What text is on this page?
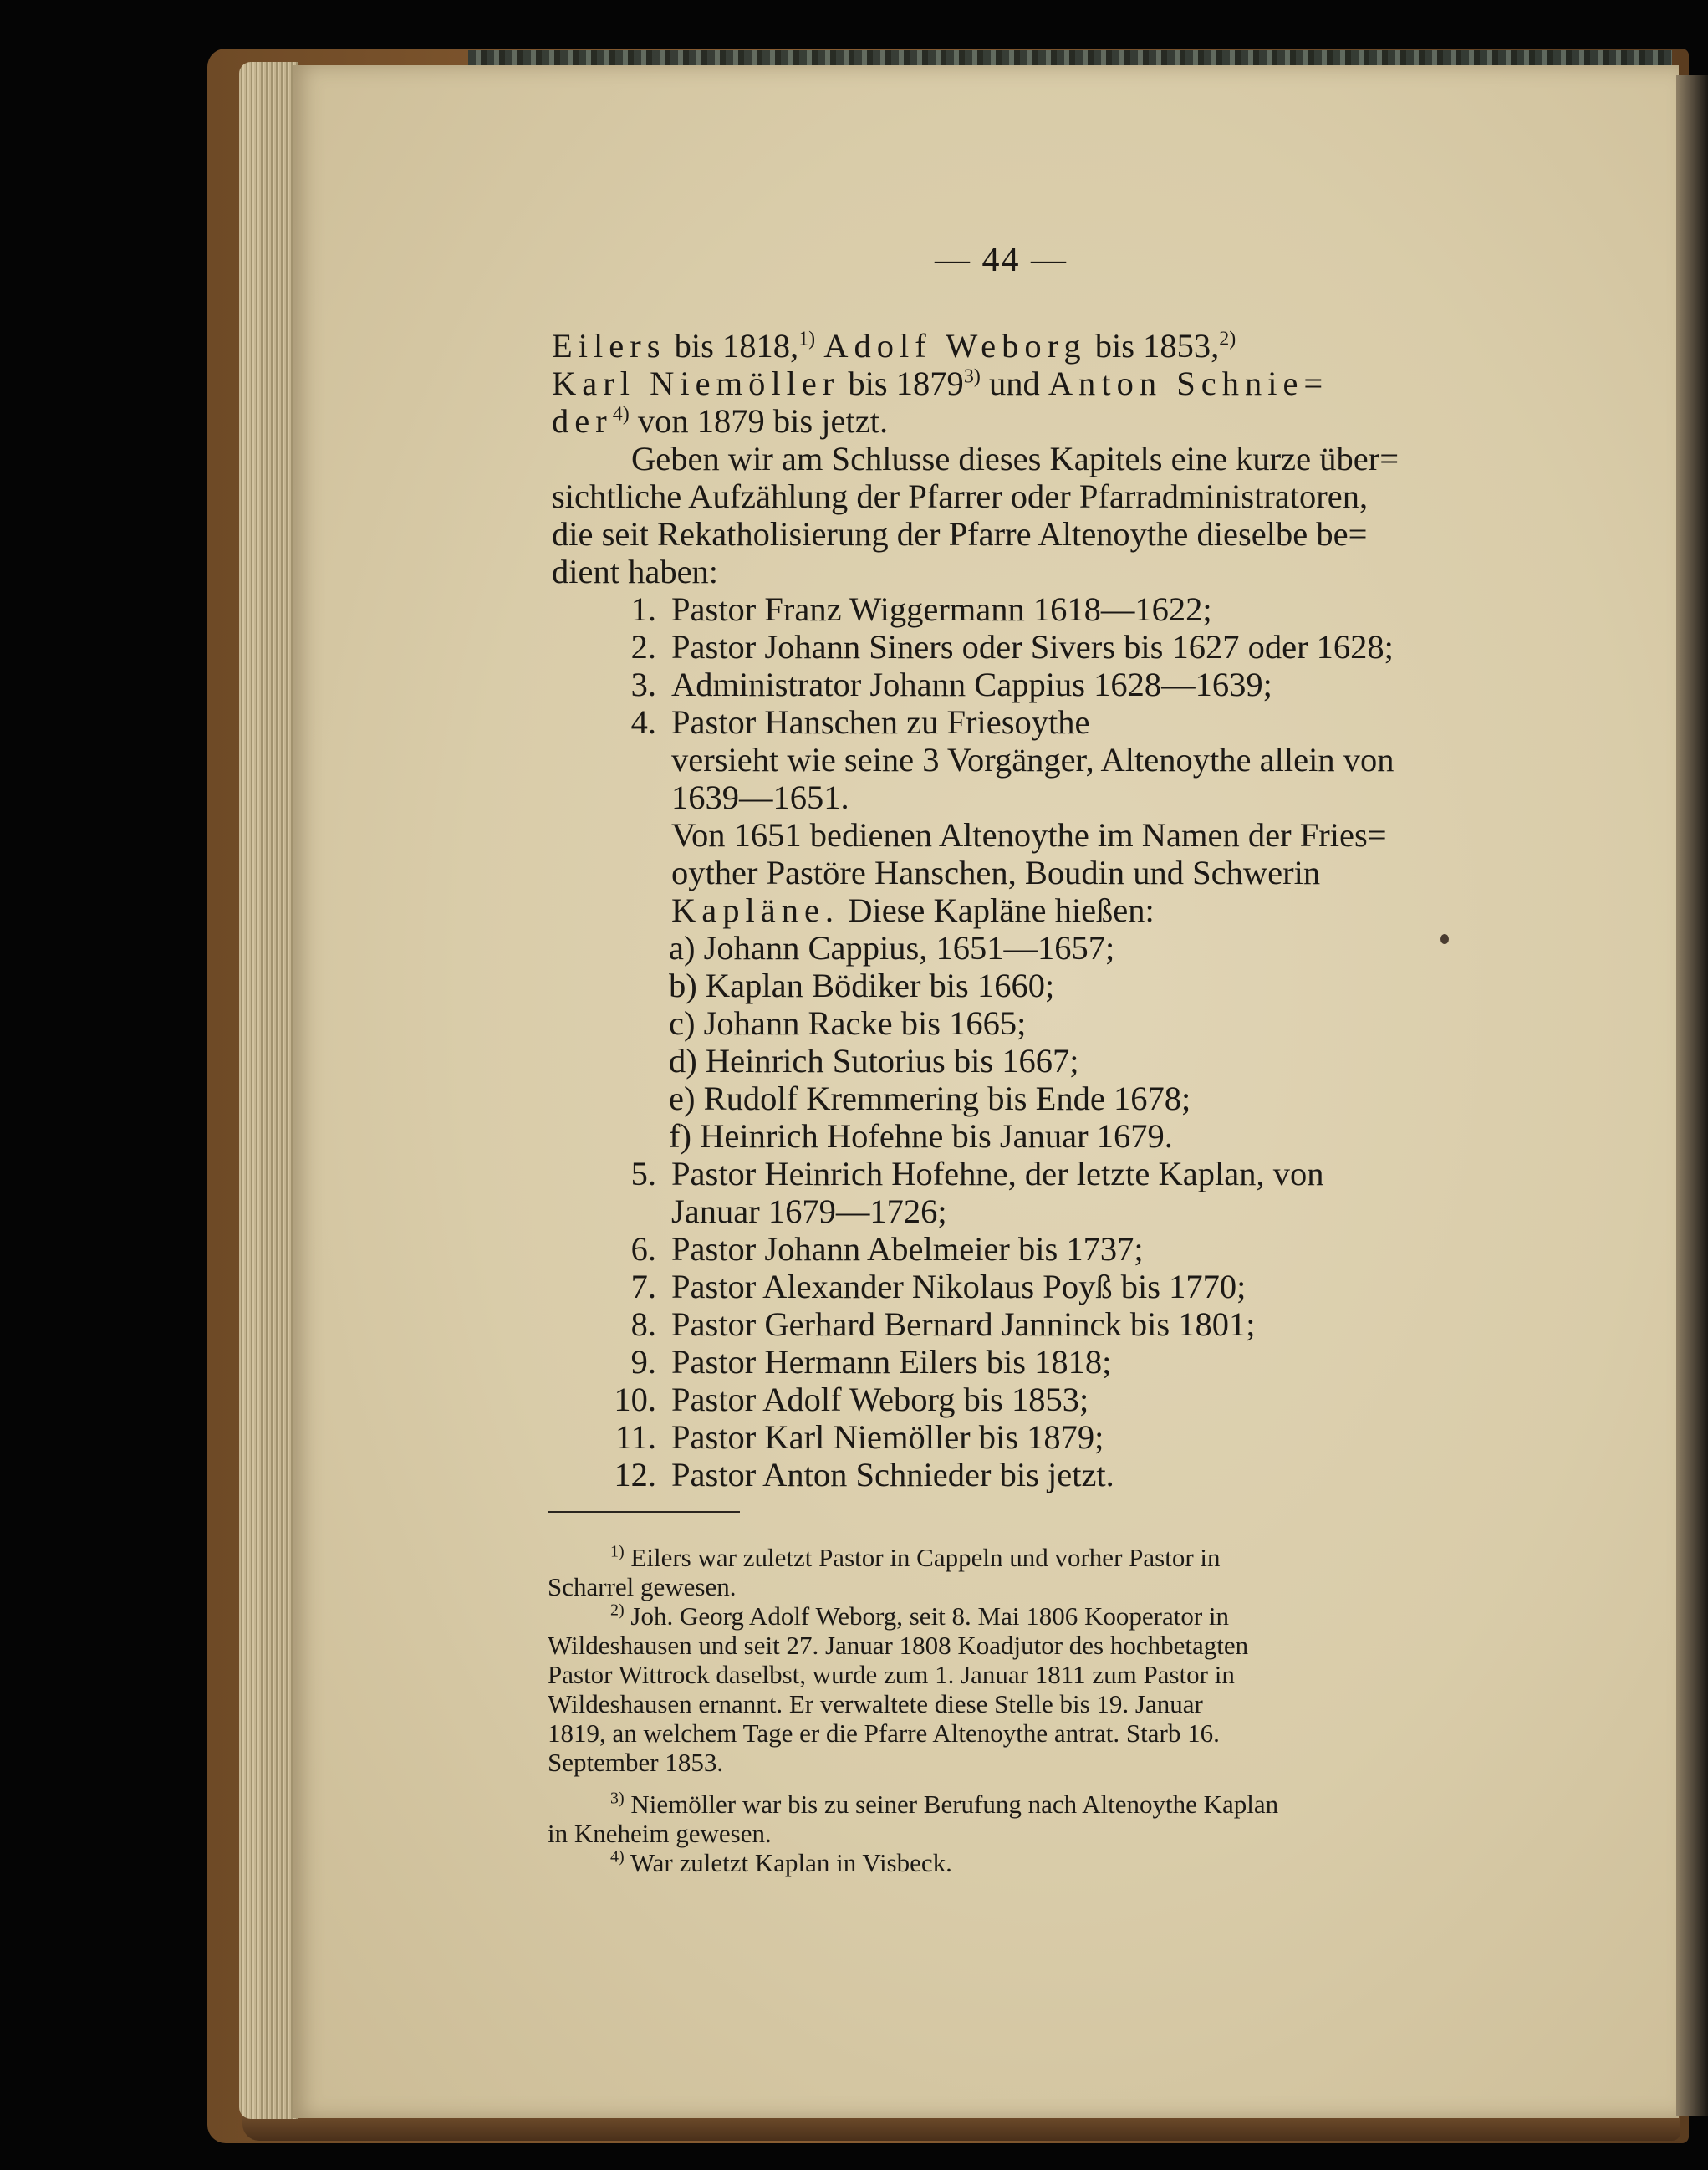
— 44 —
Eilers bis 1818,$^{1)}$ Adolf Weborg bis 1853,$^{2)}$
Karl Niemöller bis 1879$^{3)}$ und Anton Schnie=
der$^{4)}$ von 1879 bis jetzt.
Geben wir am Schlusse dieses Kapitels eine kurze über=
sichtliche Aufzählung der Pfarrer oder Pfarradministratoren,
die seit Rekatholisierung der Pfarre Altenoythe dieselbe be=
dient haben:
1. Pastor Franz Wiggermann 1618—1622;
2. Pastor Johann Siners oder Sivers bis 1627 oder 1628;
3. Administrator Johann Cappius 1628—1639;
4. Pastor Hanschen zu Friesoythe
versieht wie seine 3 Vorgänger, Altenoythe allein von
1639—1651.
Von 1651 bedienen Altenoythe im Namen der Fries=
oyther Pastöre Hanschen, Boudin und Schwerin
Kapläne. Diese Kapläne hießen:
a) Johann Cappius, 1651—1657;
b) Kaplan Bödiker bis 1660;
c) Johann Racke bis 1665;
d) Heinrich Sutorius bis 1667;
e) Rudolf Kremmering bis Ende 1678;
f) Heinrich Hofehne bis Januar 1679.
5. Pastor Heinrich Hofehne, der letzte Kaplan, von
Januar 1679—1726;
6. Pastor Johann Abelmeier bis 1737;
7. Pastor Alexander Nikolaus Poyß bis 1770;
8. Pastor Gerhard Bernard Janninck bis 1801;
9. Pastor Hermann Eilers bis 1818;
10. Pastor Adolf Weborg bis 1853;
11. Pastor Karl Niemöller bis 1879;
12. Pastor Anton Schnieder bis jetzt.
$^{1)}$ Eilers war zuletzt Pastor in Cappeln und vorher Pastor in
Scharrel gewesen.
$^{2)}$ Joh. Georg Adolf Weborg, seit 8. Mai 1806 Kooperator in
Wildeshausen und seit 27. Januar 1808 Koadjutor des hochbetagten
Pastor Wittrock daselbst, wurde zum 1. Januar 1811 zum Pastor in
Wildeshausen ernannt. Er verwaltete diese Stelle bis 19. Januar
1819, an welchem Tage er die Pfarre Altenoythe antrat. Starb 16.
September 1853.
$^{3)}$ Niemöller war bis zu seiner Berufung nach Altenoythe Kaplan
in Kneheim gewesen.
$^{4)}$ War zuletzt Kaplan in Visbeck.
